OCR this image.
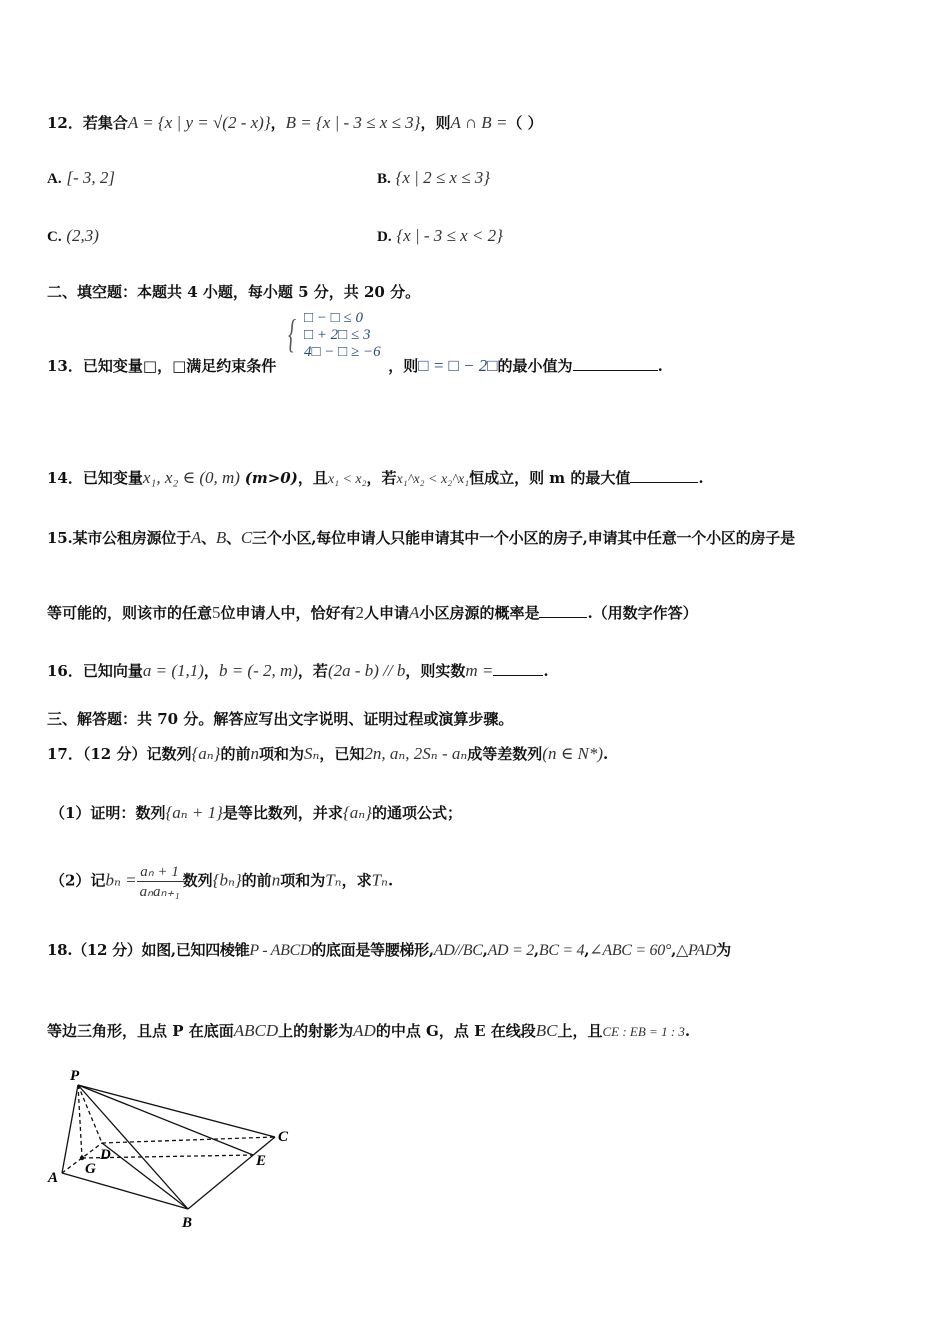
12．若集合A = {x | y = √(2 - x)}，B = {x | - 3 ≤ x ≤ 3}，则A ∩ B =（ ）
A. [- 3, 2]	B. {x | 2 ≤ x ≤ 3}
C. (2,3)	D. {x | - 3 ≤ x < 2}
二、填空题：本题共 4 小题，每小题 5 分，共 20 分。
{ □ − □ ≤ 0
□ + 2□ ≤ 3
4□ − □ ≥ −6
13．已知变量□，□满足约束条件	，则□ = □ − 2□的最小值为	.
14．已知变量x₁, x₂ ∈ (0, m) (m>0)，且x₁ < x₂，若x₁^x₂ < x₂^x₁恒成立，则 m 的最大值	.
15.某市公租房源位于A、B、C三个小区,每位申请人只能申请其中一个小区的房子,申请其中任意一个小区的房子是
等可能的，则该市的任意5位申请人中，恰好有2人申请A小区房源的概率是	.（用数字作答）
16．已知向量a = (1,1)，b = (- 2, m)，若(2a - b) // b，则实数m =	.
三、解答题：共 70 分。解答应写出文字说明、证明过程或演算步骤。
17．（12 分）记数列{aₙ}的前n项和为Sₙ，已知2n, aₙ, 2Sₙ - aₙ成等差数列(n ∈ N*).
（1）证明：数列{aₙ + 1}是等比数列，并求{aₙ}的通项公式；
（2）记$b_n = \frac{\text{aₙ + 1}}{\text{aₙaₙ₊₁}}$ 数列{bₙ}的前n项和为Tₙ，求Tₙ.
18.（12 分）如图,已知四棱锥P - ABCD的底面是等腰梯形,AD//BC,AD = 2,BC = 4,∠ABC = 60°,△PAD为
等边三角形，且点 P 在底面ABCD上的射影为AD的中点 G，点 E 在线段BC上，且CE : EB = 1 : 3.
P
A
B
C
D	E
G
